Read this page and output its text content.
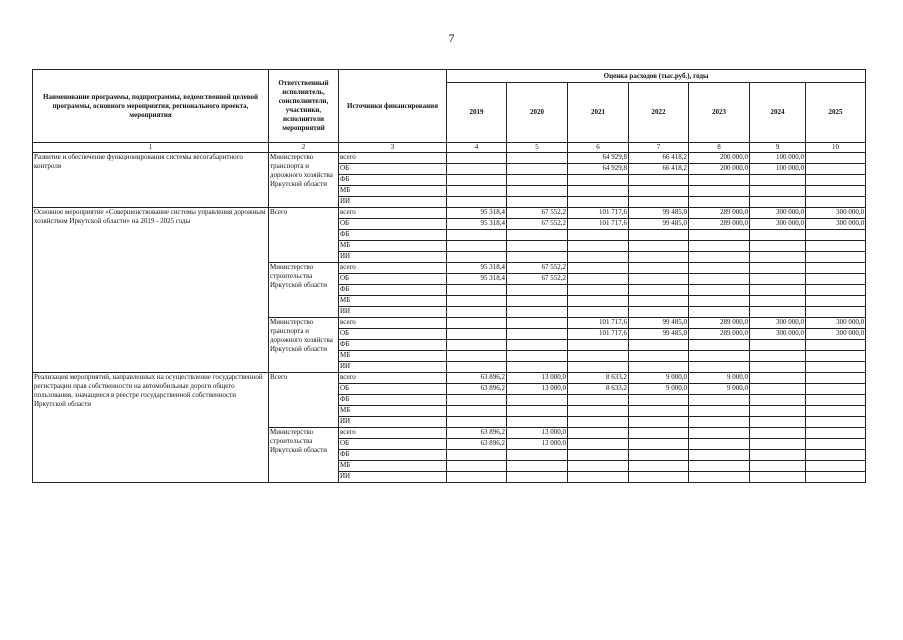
7
Наименование программы, подпрограммы, ведомственной целевой программы, основного мероприятия, регионального проекта, мероприятия	Ответственный исполнитель, соисполнители, участники, исполнители мероприятий	Источники финансирования	Оценка расходов (тыс.руб.), годы						
			2019	2020	2021	2022	2023	2024	2025
1	2	3	4	5	6	7	8	9	10
Развитие и обеспечение функционирования системы весогабаритного контроля	Министерство транспорта и дорожного хозяйства Иркутской области	всего			64 929,8	66 418,2	200 000,0	100 000,0	
		ОБ			64 929,8	66 418,2	200 000,0	100 000,0	
		ФБ							
		МБ							
		ИИ							
Основное мероприятие «Совершенствование системы управления дорожным хозяйством Иркутской области» на 2019 - 2025 годы	Всего	всего	95 318,4	67 552,2	101 717,6	99 485,0	289 000,0	300 000,0	300 000,0
		ОБ	95 318,4	67 552,2	101 717,6	99 485,0	289 000,0	300 000,0	300 000,0
		ФБ							
		МБ							
		ИИ							
	Министерство строительства Иркутской области	всего	95 318,4	67 552,2					
		ОБ	95 318,4	67 552,2					
		ФБ							
		МБ							
		ИИ							
	Министерство транспорта и дорожного хозяйства Иркутской области	всего			101 717,6	99 485,0	289 000,0	300 000,0	300 000,0
		ОБ			101 717,6	99 485,0	289 000,0	300 000,0	300 000,0
		ФБ							
		МБ							
		ИИ							
Реализация мероприятий, направленных на осуществление государственной регистрации прав собственности на автомобильные дороги общего пользования, значащиеся в реестре государственной собственности Иркутской области	Всего	всего	63 896,2	13 000,0	8 633,2	9 000,0	9 000,0		
		ОБ	63 896,2	13 000,0	8 633,2	9 000,0	9 000,0		
		ФБ							
		МБ							
		ИИ							
	Министерство строительства Иркутской области	всего	63 896,2	13 000,0					
		ОБ	63 896,2	13 000,0					
		ФБ							
		МБ							
		ИИ							
